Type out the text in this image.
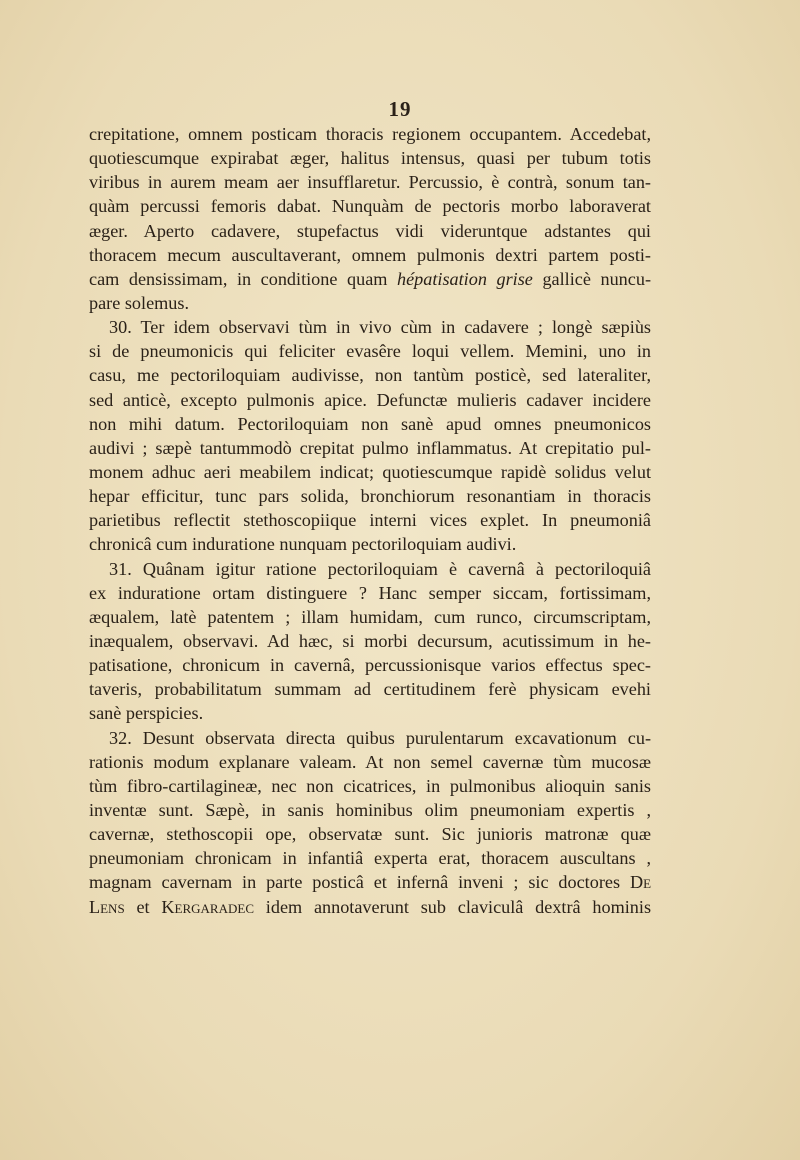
19
crepitatione, omnem posticam thoracis regionem occupantem. Accedebat,
quotiescumque expirabat æger, halitus intensus, quasi per tubum totis
viribus in aurem meam aer insufflaretur. Percussio, è contrà, sonum tan-
quàm percussi femoris dabat. Nunquàm de pectoris morbo laboraverat
æger. Aperto cadavere, stupefactus vidi videruntque adstantes qui
thoracem mecum auscultaverant, omnem pulmonis dextri partem posti-
cam densissimam, in conditione quam hépatisation grise gallicè nuncu-
pare solemus.
30. Ter idem observavi tùm in vivo cùm in cadavere ; longè sæpiùs
si de pneumonicis qui feliciter evasêre loqui vellem. Memini, uno in
casu, me pectoriloquiam audivisse, non tantùm posticè, sed lateraliter,
sed anticè, excepto pulmonis apice. Defunctæ mulieris cadaver incidere
non mihi datum. Pectoriloquiam non sanè apud omnes pneumonicos
audivi ; sæpè tantummodò crepitat pulmo inflammatus. At crepitatio pul-
monem adhuc aeri meabilem indicat; quotiescumque rapidè solidus velut
hepar efficitur, tunc pars solida, bronchiorum resonantiam in thoracis
parietibus reflectit stethoscopiique interni vices explet. In pneumoniâ
chronicâ cum induratione nunquam pectoriloquiam audivi.
31. Quânam igitur ratione pectoriloquiam è cavernâ à pectoriloquiâ
ex induratione ortam distinguere ? Hanc semper siccam, fortissimam,
æqualem, latè patentem ; illam humidam, cum runco, circumscriptam,
inæqualem, observavi. Ad hæc, si morbi decursum, acutissimum in he-
patisatione, chronicum in cavernâ, percussionisque varios effectus spec-
taveris, probabilitatum summam ad certitudinem ferè physicam evehi
sanè perspicies.
32. Desunt observata directa quibus purulentarum excavationum cu-
rationis modum explanare valeam. At non semel cavernæ tùm mucosæ
tùm fibro-cartilagineæ, nec non cicatrices, in pulmonibus alioquin sanis
inventæ sunt. Sæpè, in sanis hominibus olim pneumoniam expertis ,
cavernæ, stethoscopii ope, observatæ sunt. Sic junioris matronæ quæ
pneumoniam chronicam in infantiâ experta erat, thoracem auscultans ,
magnam cavernam in parte posticâ et infernâ inveni ; sic doctores De
Lens et Kergaradec idem annotaverunt sub claviculâ dextrâ hominis
